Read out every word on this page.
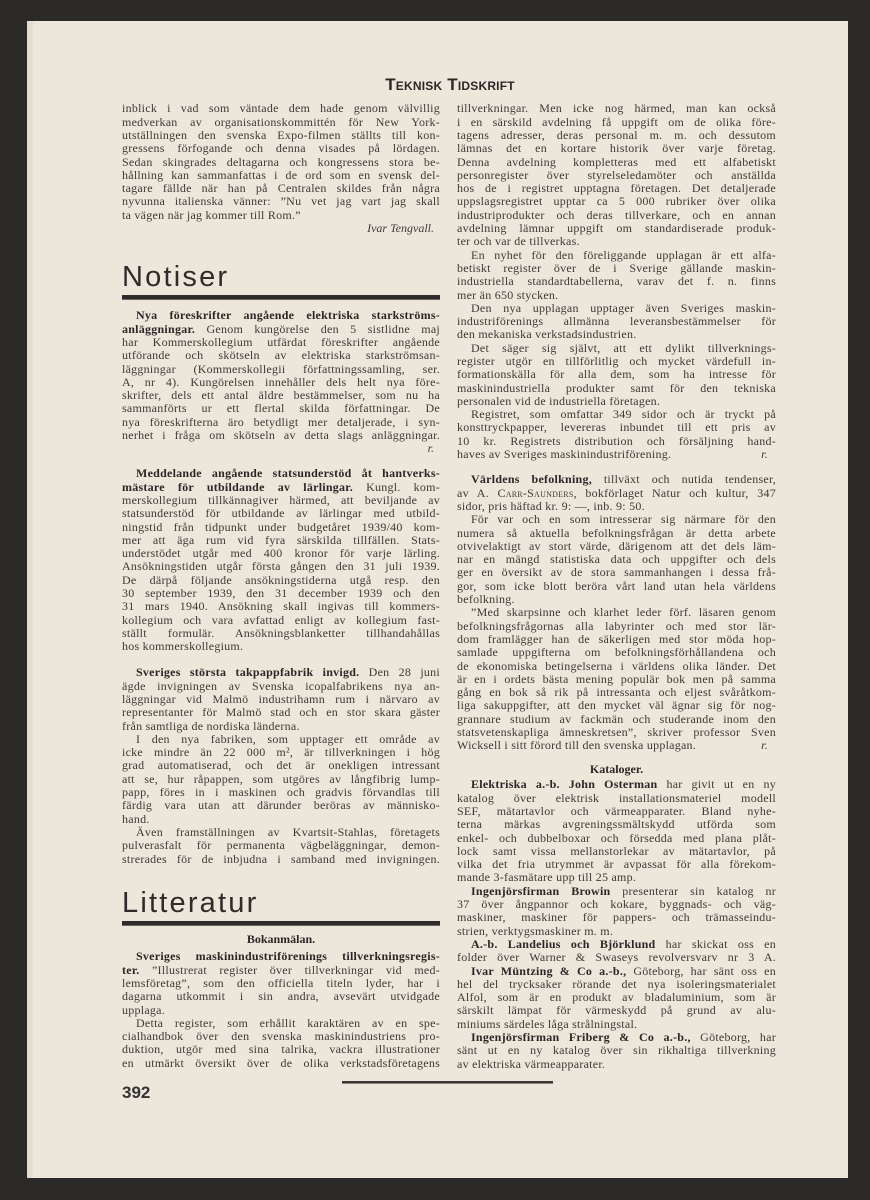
Teknisk Tidskrift
inblick i vad som väntade dem hade genom välvillig
medverkan av organisationskommittén för New York-
utställningen den svenska Expo-filmen ställts till kon-
gressens förfogande och denna visades på lördagen.
Sedan skingrades deltagarna och kongressens stora be-
hållning kan sammanfattas i de ord som en svensk del-
tagare fällde när han på Centralen skildes från några
nyvunna italienska vänner: ”Nu vet jag vart jag skall
ta vägen när jag kommer till Rom.”
Ivar Tengvall.
Notiser
Nya föreskrifter angående elektriska starkströms-
anläggningar. Genom kungörelse den 5 sistlidne maj
har Kommerskollegium utfärdat föreskrifter angående
utförande och skötseln av elektriska starkströmsan-
läggningar (Kommerskollegii författningssamling, ser.
A, nr 4). Kungörelsen innehåller dels helt nya före-
skrifter, dels ett antal äldre bestämmelser, som nu ha
sammanförts ur ett flertal skilda författningar. De
nya föreskrifterna äro betydligt mer detaljerade, i syn-
nerhet i fråga om skötseln av detta slags anläggningar.
r.
Meddelande angående statsunderstöd åt hantverks-
mästare för utbildande av lärlingar. Kungl. kom-
merskollegium tillkännagiver härmed, att beviljande av
statsunderstöd för utbildande av lärlingar med utbild-
ningstid från tidpunkt under budgetåret 1939/40 kom-
mer att äga rum vid fyra särskilda tillfällen. Stats-
understödet utgår med 400 kronor för varje lärling.
Ansökningstiden utgår första gången den 31 juli 1939.
De därpå följande ansökningstiderna utgå resp. den
30 september 1939, den 31 december 1939 och den
31 mars 1940. Ansökning skall ingivas till kommers-
kollegium och vara avfattad enligt av kollegium fast-
ställt formulär. Ansökningsblanketter tillhandahållas
hos kommerskollegium.
Sveriges största takpappfabrik invigd. Den 28 juni
ägde invigningen av Svenska icopalfabrikens nya an-
läggningar vid Malmö industrihamn rum i närvaro av
representanter för Malmö stad och en stor skara gäster
från samtliga de nordiska länderna.
I den nya fabriken, som upptager ett område av
icke mindre än 22 000 m², är tillverkningen i hög
grad automatiserad, och det är onekligen intressant
att se, hur råpappen, som utgöres av långfibrig lump-
papp, föres in i maskinen och gradvis förvandlas till
färdig vara utan att därunder beröras av människo-
hand.
Även framställningen av Kvartsit-Stahlas, företagets
pulverasfalt för permanenta vägbeläggningar, demon-
strerades för de inbjudna i samband med invigningen.
Litteratur
Bokanmälan.
Sveriges maskinindustriförenings tillverkningsregis-
ter. ”Illustrerat register över tillverkningar vid med-
lemsföretag”, som den officiella titeln lyder, har i
dagarna utkommit i sin andra, avsevärt utvidgade
upplaga.
Detta register, som erhållit karaktären av en spe-
cialhandbok över den svenska maskinindustriens pro-
duktion, utgör med sina talrika, vackra illustrationer
en utmärkt översikt över de olika verkstadsföretagens
tillverkningar. Men icke nog härmed, man kan också
i en särskild avdelning få uppgift om de olika före-
tagens adresser, deras personal m. m. och dessutom
lämnas det en kortare historik över varje företag.
Denna avdelning kompletteras med ett alfabetiskt
personregister över styrelseledamöter och anställda
hos de i registret upptagna företagen. Det detaljerade
uppslagsregistret upptar ca 5 000 rubriker över olika
industriprodukter och deras tillverkare, och en annan
avdelning lämnar uppgift om standardiserade produk-
ter och var de tillverkas.
En nyhet för den föreliggande upplagan är ett alfa-
betiskt register över de i Sverige gällande maskin-
industriella standardtabellerna, varav det f. n. finns
mer än 650 stycken.
Den nya upplagan upptager även Sveriges maskin-
industriförenings allmänna leveransbestämmelser för
den mekaniska verkstadsindustrien.
Det säger sig självt, att ett dylikt tillverknings-
register utgör en tillförlitlig och mycket värdefull in-
formationskälla för alla dem, som ha intresse för
maskinindustriella produkter samt för den tekniska
personalen vid de industriella företagen.
Registret, som omfattar 349 sidor och är tryckt på
konsttryckpapper, levereras inbundet till ett pris av
10 kr. Registrets distribution och försäljning hand-
haves av Sveriges maskinindustriförening.	r.
Världens befolkning, tillväxt och nutida tendenser,
av A. Carr-Saunders, bokförlaget Natur och kultur, 347
sidor, pris häftad kr. 9: —, inb. 9: 50.
För var och en som intresserar sig närmare för den
numera så aktuella befolkningsfrågan är detta arbete
otvivelaktigt av stort värde, därigenom att det dels läm-
nar en mängd statistiska data och uppgifter och dels
ger en översikt av de stora sammanhangen i dessa frå-
gor, som icke blott beröra vårt land utan hela världens
befolkning.
”Med skarpsinne och klarhet leder förf. läsaren genom
befolkningsfrågornas alla labyrinter och med stor lär-
dom framlägger han de säkerligen med stor möda hop-
samlade uppgifterna om befolkningsförhållandena och
de ekonomiska betingelserna i världens olika länder. Det
är en i ordets bästa mening populär bok men på samma
gång en bok så rik på intressanta och eljest svåråtkom-
liga sakuppgifter, att den mycket väl ägnar sig för nog-
grannare studium av fackmän och studerande inom den
statsvetenskapliga ämneskretsen”, skriver professor Sven
Wicksell i sitt förord till den svenska upplagan.	r.
Kataloger.
Elektriska a.-b. John Osterman har givit ut en ny
katalog över elektrisk installationsmateriel modell
SEF, mätartavlor och värmeapparater. Bland nyhe-
terna märkas avgreningssmältskydd utförda som
enkel- och dubbelboxar och försedda med plana plåt-
lock samt vissa mellanstorlekar av mätartavlor, på
vilka det fria utrymmet är avpassat för alla förekom-
mande 3-fasmätare upp till 25 amp.
Ingenjörsfirman Browin presenterar sin katalog nr
37 över ångpannor och kokare, byggnads- och väg-
maskiner, maskiner för pappers- och trämasseindu-
strien, verktygsmaskiner m. m.
A.-b. Landelius och Björklund har skickat oss en
folder över Warner & Swaseys revolversvarv nr 3 A.
Ivar Müntzing & Co a.-b., Göteborg, har sänt oss en
hel del trycksaker rörande det nya isoleringsmaterialet
Alfol, som är en produkt av bladaluminium, som är
särskilt lämpat för värmeskydd på grund av alu-
miniums särdeles låga strålningstal.
Ingenjörsfirman Friberg & Co a.-b., Göteborg, har
sänt ut en ny katalog över sin rikhaltiga tillverkning
av elektriska värmeapparater.
392
